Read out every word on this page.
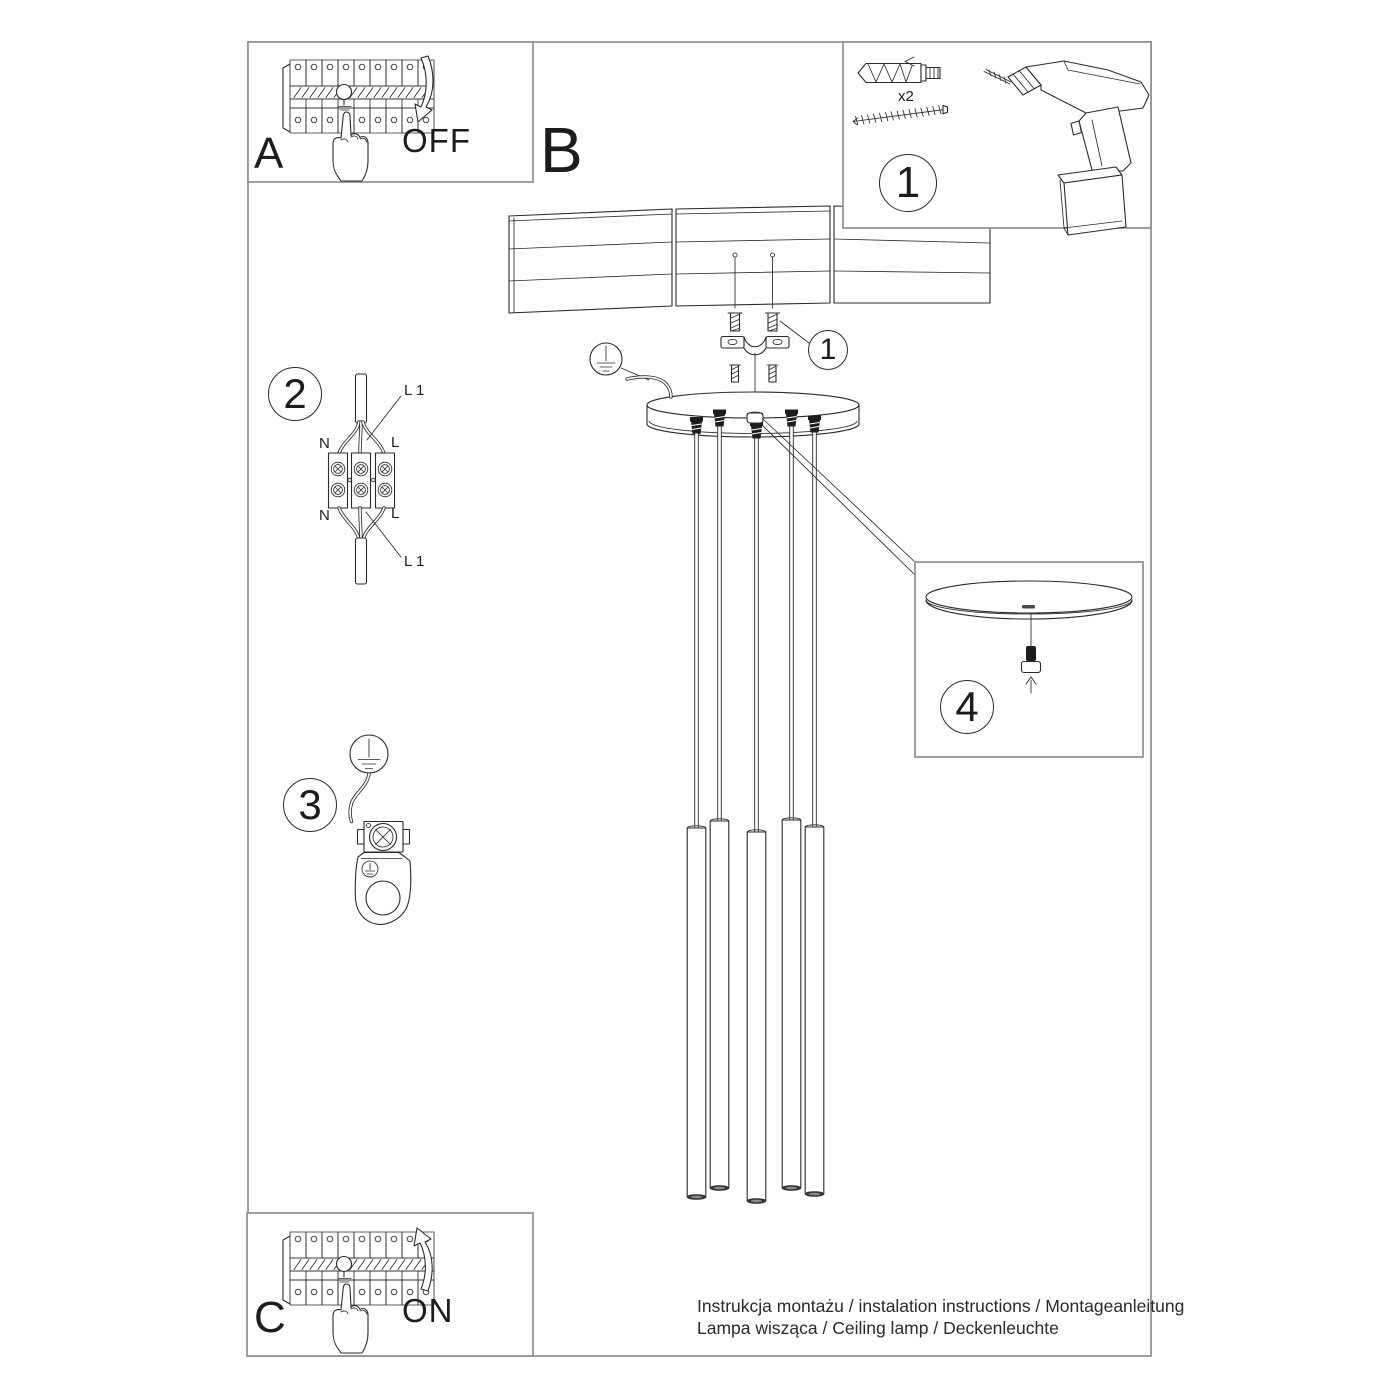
A	OFF B
x2
C	ON
1
2
1
3
4
L 1
N	L
N	L
L 1
Instrukcja montażu / instalation instructions / Montageanleitung
Lampa wisząca / Ceiling lamp / Deckenleuchte
